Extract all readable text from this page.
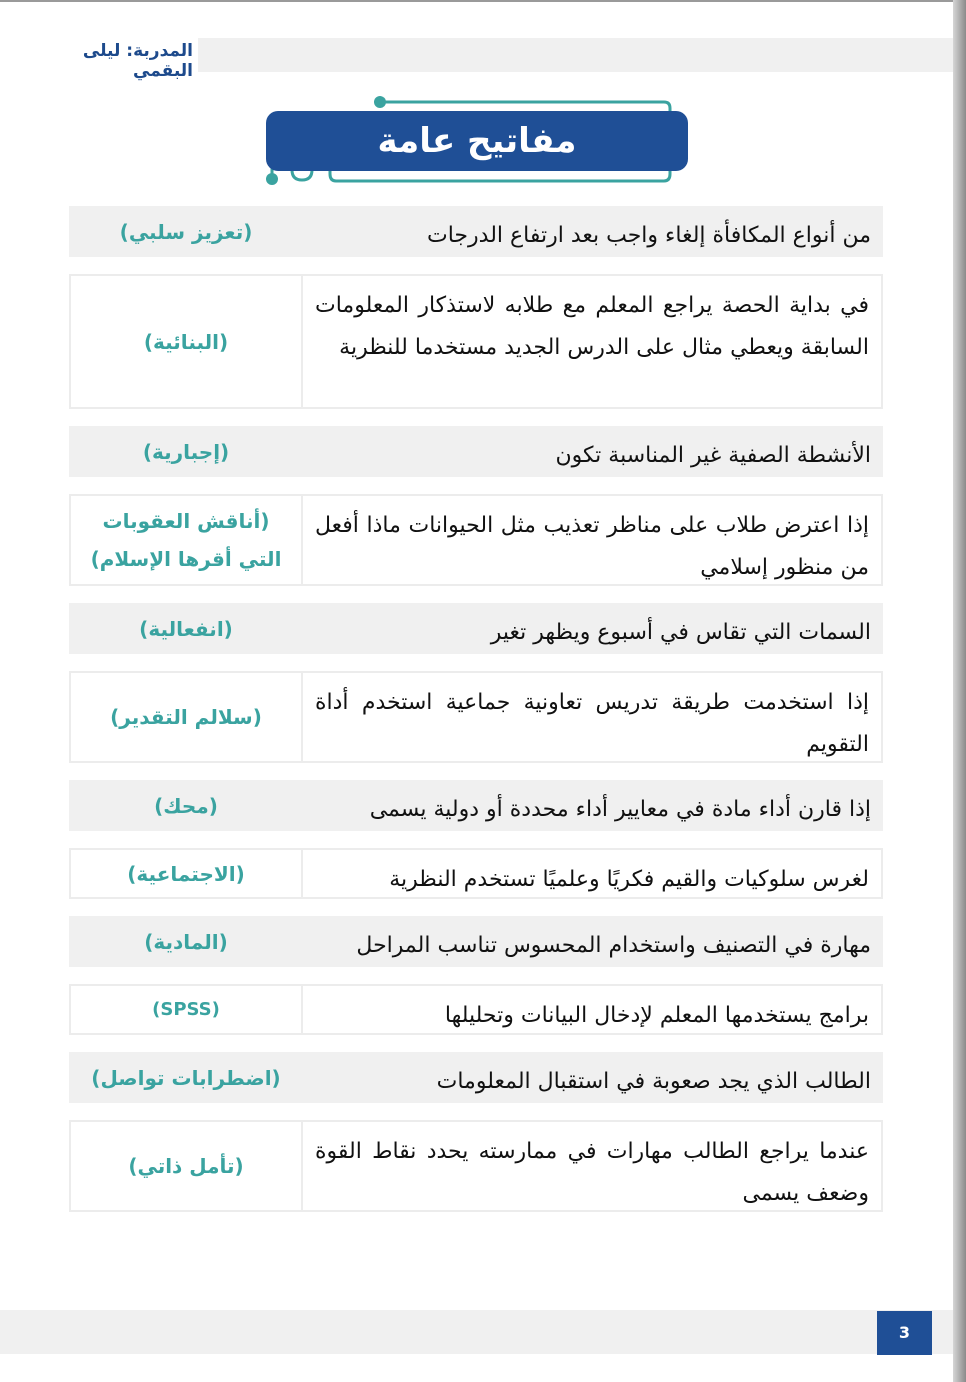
المدربة: ليلى البقمي
مفاتيح عامة
من أنواع المكافأة إلغاء واجب بعد ارتفاع الدرجات
(تعزيز سلبي)
في بداية الحصة يراجع المعلم مع طلابه لاستذكار المعلومات السابقة ويعطي مثال على الدرس الجديد مستخدما للنظرية
(البنائية)
الأنشطة الصفية غير المناسبة تكون
(إجبارية)
إذا اعترض طلاب على مناظر تعذيب مثل الحيوانات ماذا أفعل من منظور إسلامي
(أناقش العقوبات التي أقرها الإسلام)
السمات التي تقاس في أسبوع ويظهر تغير
(انفعالية)
إذا استخدمت طريقة تدريس تعاونية جماعية استخدم أداة التقويم
(سلالم التقدير)
إذا قارن أداء مادة في معايير أداء محددة أو دولية يسمى
(محك)
لغرس سلوكيات والقيم فكريًا وعلميًا تستخدم النظرية
(الاجتماعية)
مهارة في التصنيف واستخدام المحسوس تناسب المراحل
(المادية)
برامج يستخدمها المعلم لإدخال البيانات وتحليلها
(SPSS)
الطالب الذي يجد صعوبة في استقبال المعلومات
(اضطرابات تواصل)
عندما يراجع الطالب مهارات في ممارسته يحدد نقاط القوة وضعف يسمى
(تأمل ذاتي)
3
